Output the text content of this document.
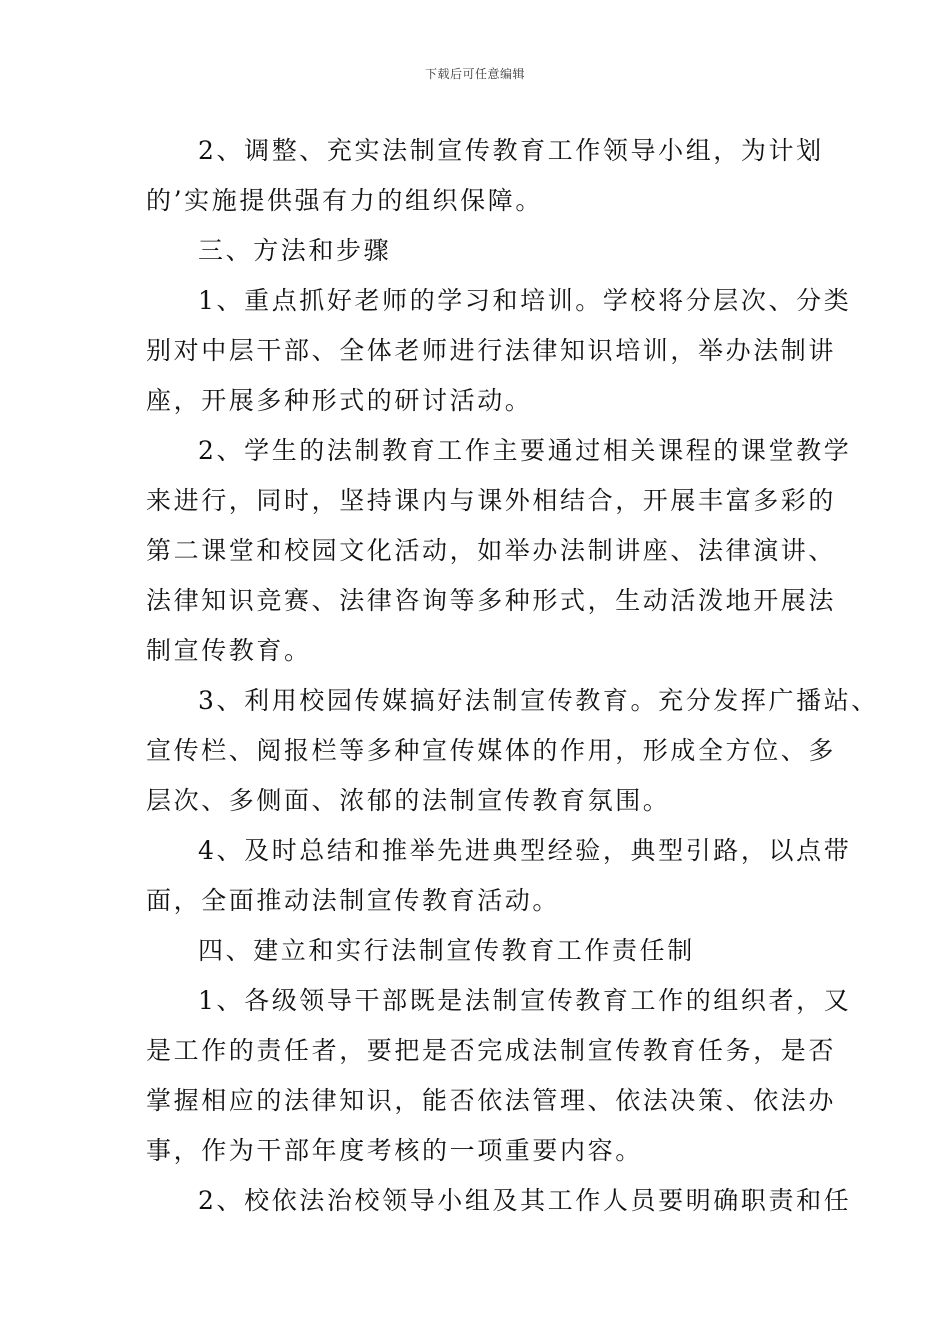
下载后可任意编辑
2、调整、充实法制宣传教育工作领导小组，为计划
的’实施提供强有力的组织保障。
三、方法和步骤
1、重点抓好老师的学习和培训。学校将分层次、分类
别对中层干部、全体老师进行法律知识培训，举办法制讲
座，开展多种形式的研讨活动。
2、学生的法制教育工作主要通过相关课程的课堂教学
来进行，同时，坚持课内与课外相结合，开展丰富多彩的
第二课堂和校园文化活动，如举办法制讲座、法律演讲、
法律知识竞赛、法律咨询等多种形式，生动活泼地开展法
制宣传教育。
3、利用校园传媒搞好法制宣传教育。充分发挥广播站、
宣传栏、阅报栏等多种宣传媒体的作用，形成全方位、多
层次、多侧面、浓郁的法制宣传教育氛围。
4、及时总结和推举先进典型经验，典型引路，以点带
面，全面推动法制宣传教育活动。
四、建立和实行法制宣传教育工作责任制
1、各级领导干部既是法制宣传教育工作的组织者，又
是工作的责任者，要把是否完成法制宣传教育任务，是否
掌握相应的法律知识，能否依法管理、依法决策、依法办
事，作为干部年度考核的一项重要内容。
2、校依法治校领导小组及其工作人员要明确职责和任
